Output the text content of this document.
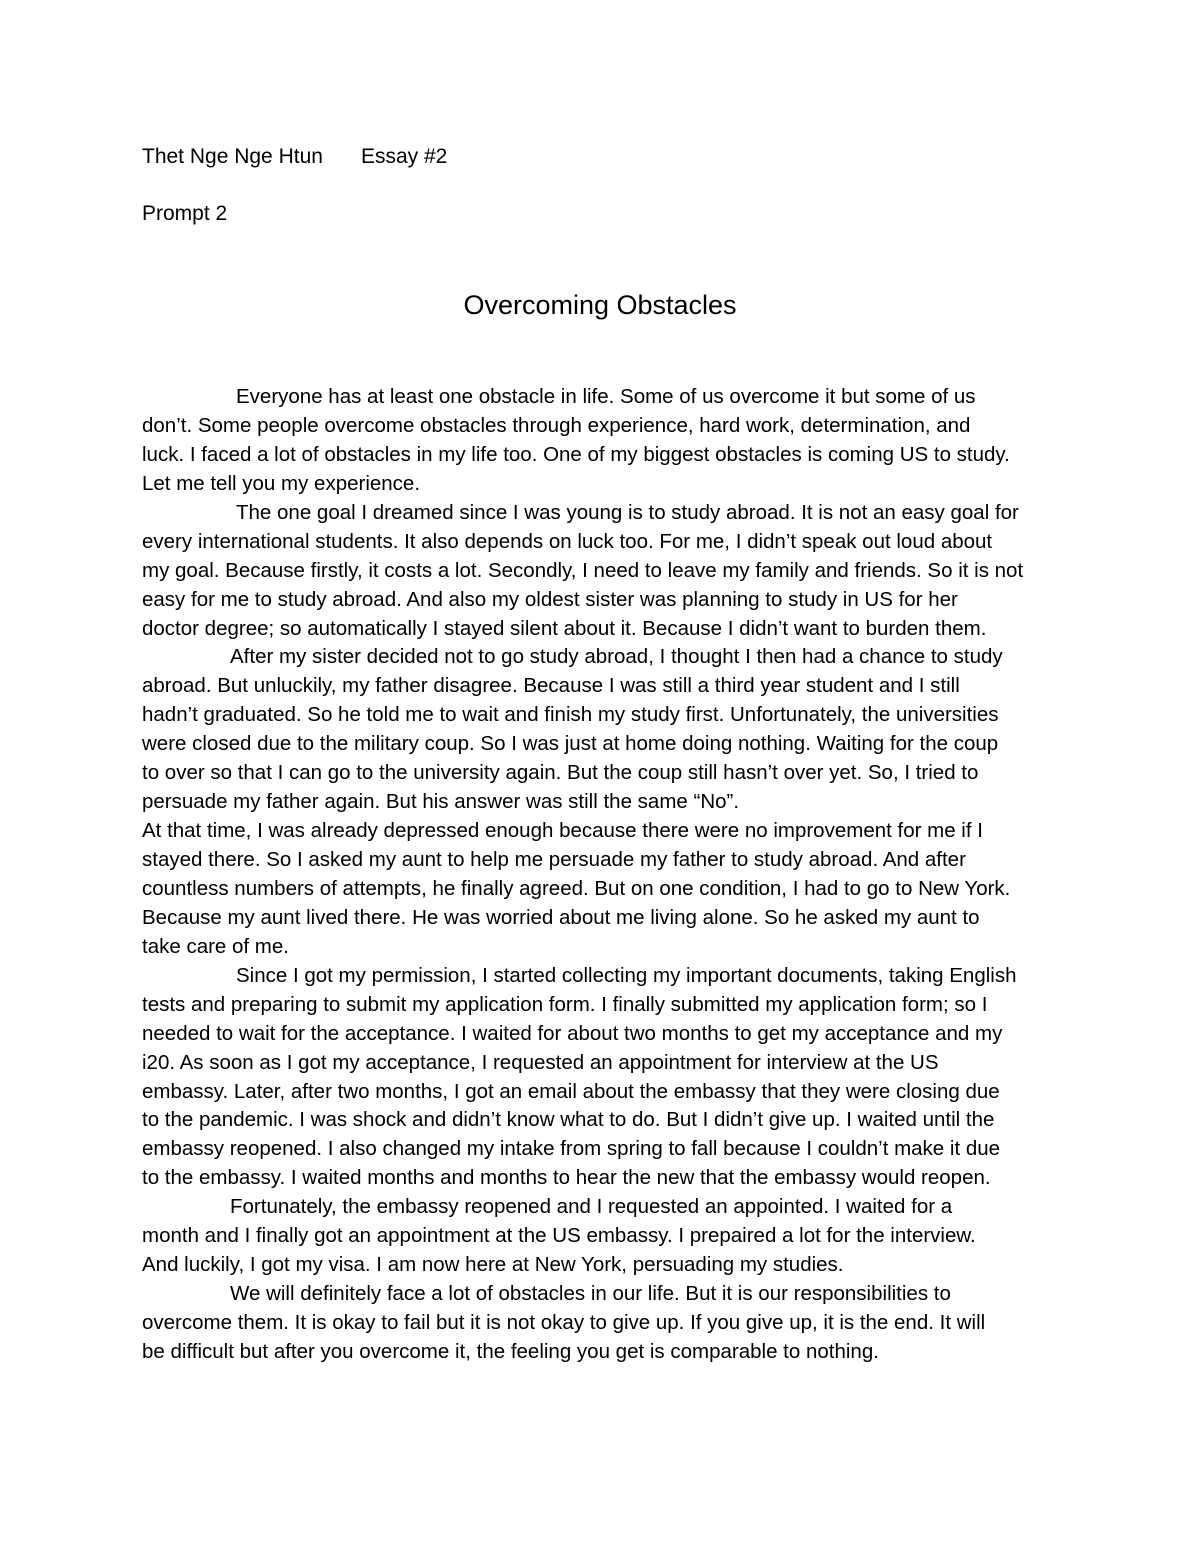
Thet Nge Nge Htun Essay #2
Prompt 2
Overcoming Obstacles
Everyone has at least one obstacle in life. Some of us overcome it but some of us
don’t. Some people overcome obstacles through experience, hard work, determination, and
luck. I faced a lot of obstacles in my life too. One of my biggest obstacles is coming US to study.
Let me tell you my experience.
The one goal I dreamed since I was young is to study abroad. It is not an easy goal for
every international students. It also depends on luck too. For me, I didn’t speak out loud about
my goal. Because firstly, it costs a lot. Secondly, I need to leave my family and friends. So it is not
easy for me to study abroad. And also my oldest sister was planning to study in US for her
doctor degree; so automatically I stayed silent about it. Because I didn’t want to burden them.
After my sister decided not to go study abroad, I thought I then had a chance to study
abroad. But unluckily, my father disagree. Because I was still a third year student and I still
hadn’t graduated. So he told me to wait and finish my study first. Unfortunately, the universities
were closed due to the military coup. So I was just at home doing nothing. Waiting for the coup
to over so that I can go to the university again. But the coup still hasn’t over yet. So, I tried to
persuade my father again. But his answer was still the same “No”.
At that time, I was already depressed enough because there were no improvement for me if I
stayed there. So I asked my aunt to help me persuade my father to study abroad. And after
countless numbers of attempts, he finally agreed. But on one condition, I had to go to New York.
Because my aunt lived there. He was worried about me living alone. So he asked my aunt to
take care of me.
Since I got my permission, I started collecting my important documents, taking English
tests and preparing to submit my application form. I finally submitted my application form; so I
needed to wait for the acceptance. I waited for about two months to get my acceptance and my
i20. As soon as I got my acceptance, I requested an appointment for interview at the US
embassy. Later, after two months, I got an email about the embassy that they were closing due
to the pandemic. I was shock and didn’t know what to do. But I didn’t give up. I waited until the
embassy reopened. I also changed my intake from spring to fall because I couldn’t make it due
to the embassy. I waited months and months to hear the new that the embassy would reopen.
Fortunately, the embassy reopened and I requested an appointed. I waited for a
month and I finally got an appointment at the US embassy. I prepaired a lot for the interview.
And luckily, I got my visa. I am now here at New York, persuading my studies.
We will definitely face a lot of obstacles in our life. But it is our responsibilities to
overcome them. It is okay to fail but it is not okay to give up. If you give up, it is the end. It will
be difficult but after you overcome it, the feeling you get is comparable to nothing.
